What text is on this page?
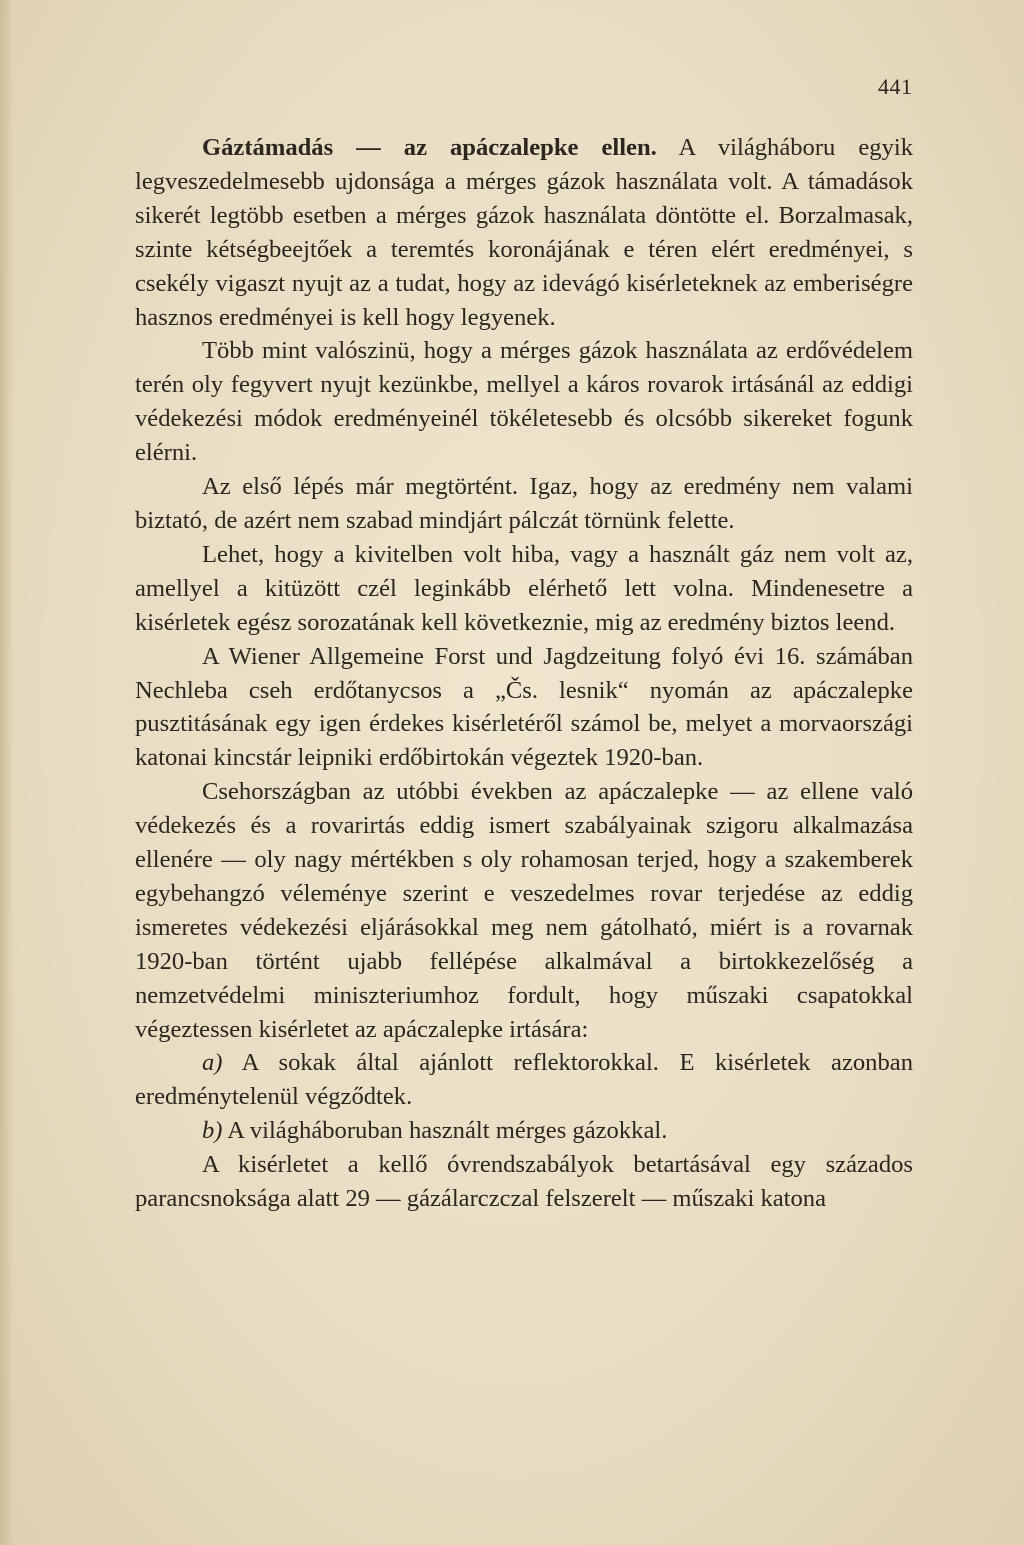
441

Gáztámadás — az apáczalepke ellen. A világháboru egyik legveszedelmesebb ujdonsága a mérges gázok használata volt. A támadások sikerét legtöbb esetben a mérges gázok használata döntötte el. Borzalmasak, szinte kétségbeejtőek a teremtés koronájának e téren elért eredményei, s csekély vigaszt nyujt az a tudat, hogy az idevágó kisérleteknek az emberiségre hasznos eredményei is kell hogy legyenek.

Több mint valószinü, hogy a mérges gázok használata az erdővédelem terén oly fegyvert nyujt kezünkbe, mellyel a káros rovarok irtásánál az eddigi védekezési módok eredményeinél tökéletesebb és olcsóbb sikereket fogunk elérni.

Az első lépés már megtörtént. Igaz, hogy az eredmény nem valami biztató, de azért nem szabad mindjárt pálczát törnünk felette.

Lehet, hogy a kivitelben volt hiba, vagy a használt gáz nem volt az, amellyel a kitüzött czél leginkább elérhető lett volna. Mindenesetre a kisérletek egész sorozatának kell következnie, mig az eredmény biztos leend.

A Wiener Allgemeine Forst und Jagdzeitung folyó évi 16. számában Nechleba cseh erdőtanycsos a „Čs. lesnik“ nyomán az apáczalepke pusztitásának egy igen érdekes kisérletéről számol be, melyet a morvaországi katonai kincstár leipniki erdőbirtokán végeztek 1920-ban.

Csehországban az utóbbi években az apáczalepke — az ellene való védekezés és a rovarirtás eddig ismert szabályainak szigoru alkalmazása ellenére — oly nagy mértékben s oly rohamosan terjed, hogy a szakemberek egybehangzó véleménye szerint e veszedelmes rovar terjedése az eddig ismeretes védekezési eljárásokkal meg nem gátolható, miért is a rovarnak 1920-ban történt ujabb fellépése alkalmával a birtokkezelőség a nemzetvédelmi miniszteriumhoz fordult, hogy műszaki csapatokkal végeztessen kisérletet az apáczalepke irtására:

a) A sokak által ajánlott reflektorokkal. E kisérletek azonban eredménytelenül végződtek.

b) A világháboruban használt mérges gázokkal.

A kisérletet a kellő óvrendszabályok betartásával egy százados parancsnoksága alatt 29 — gázálarczczal felszerelt — műszaki katona
